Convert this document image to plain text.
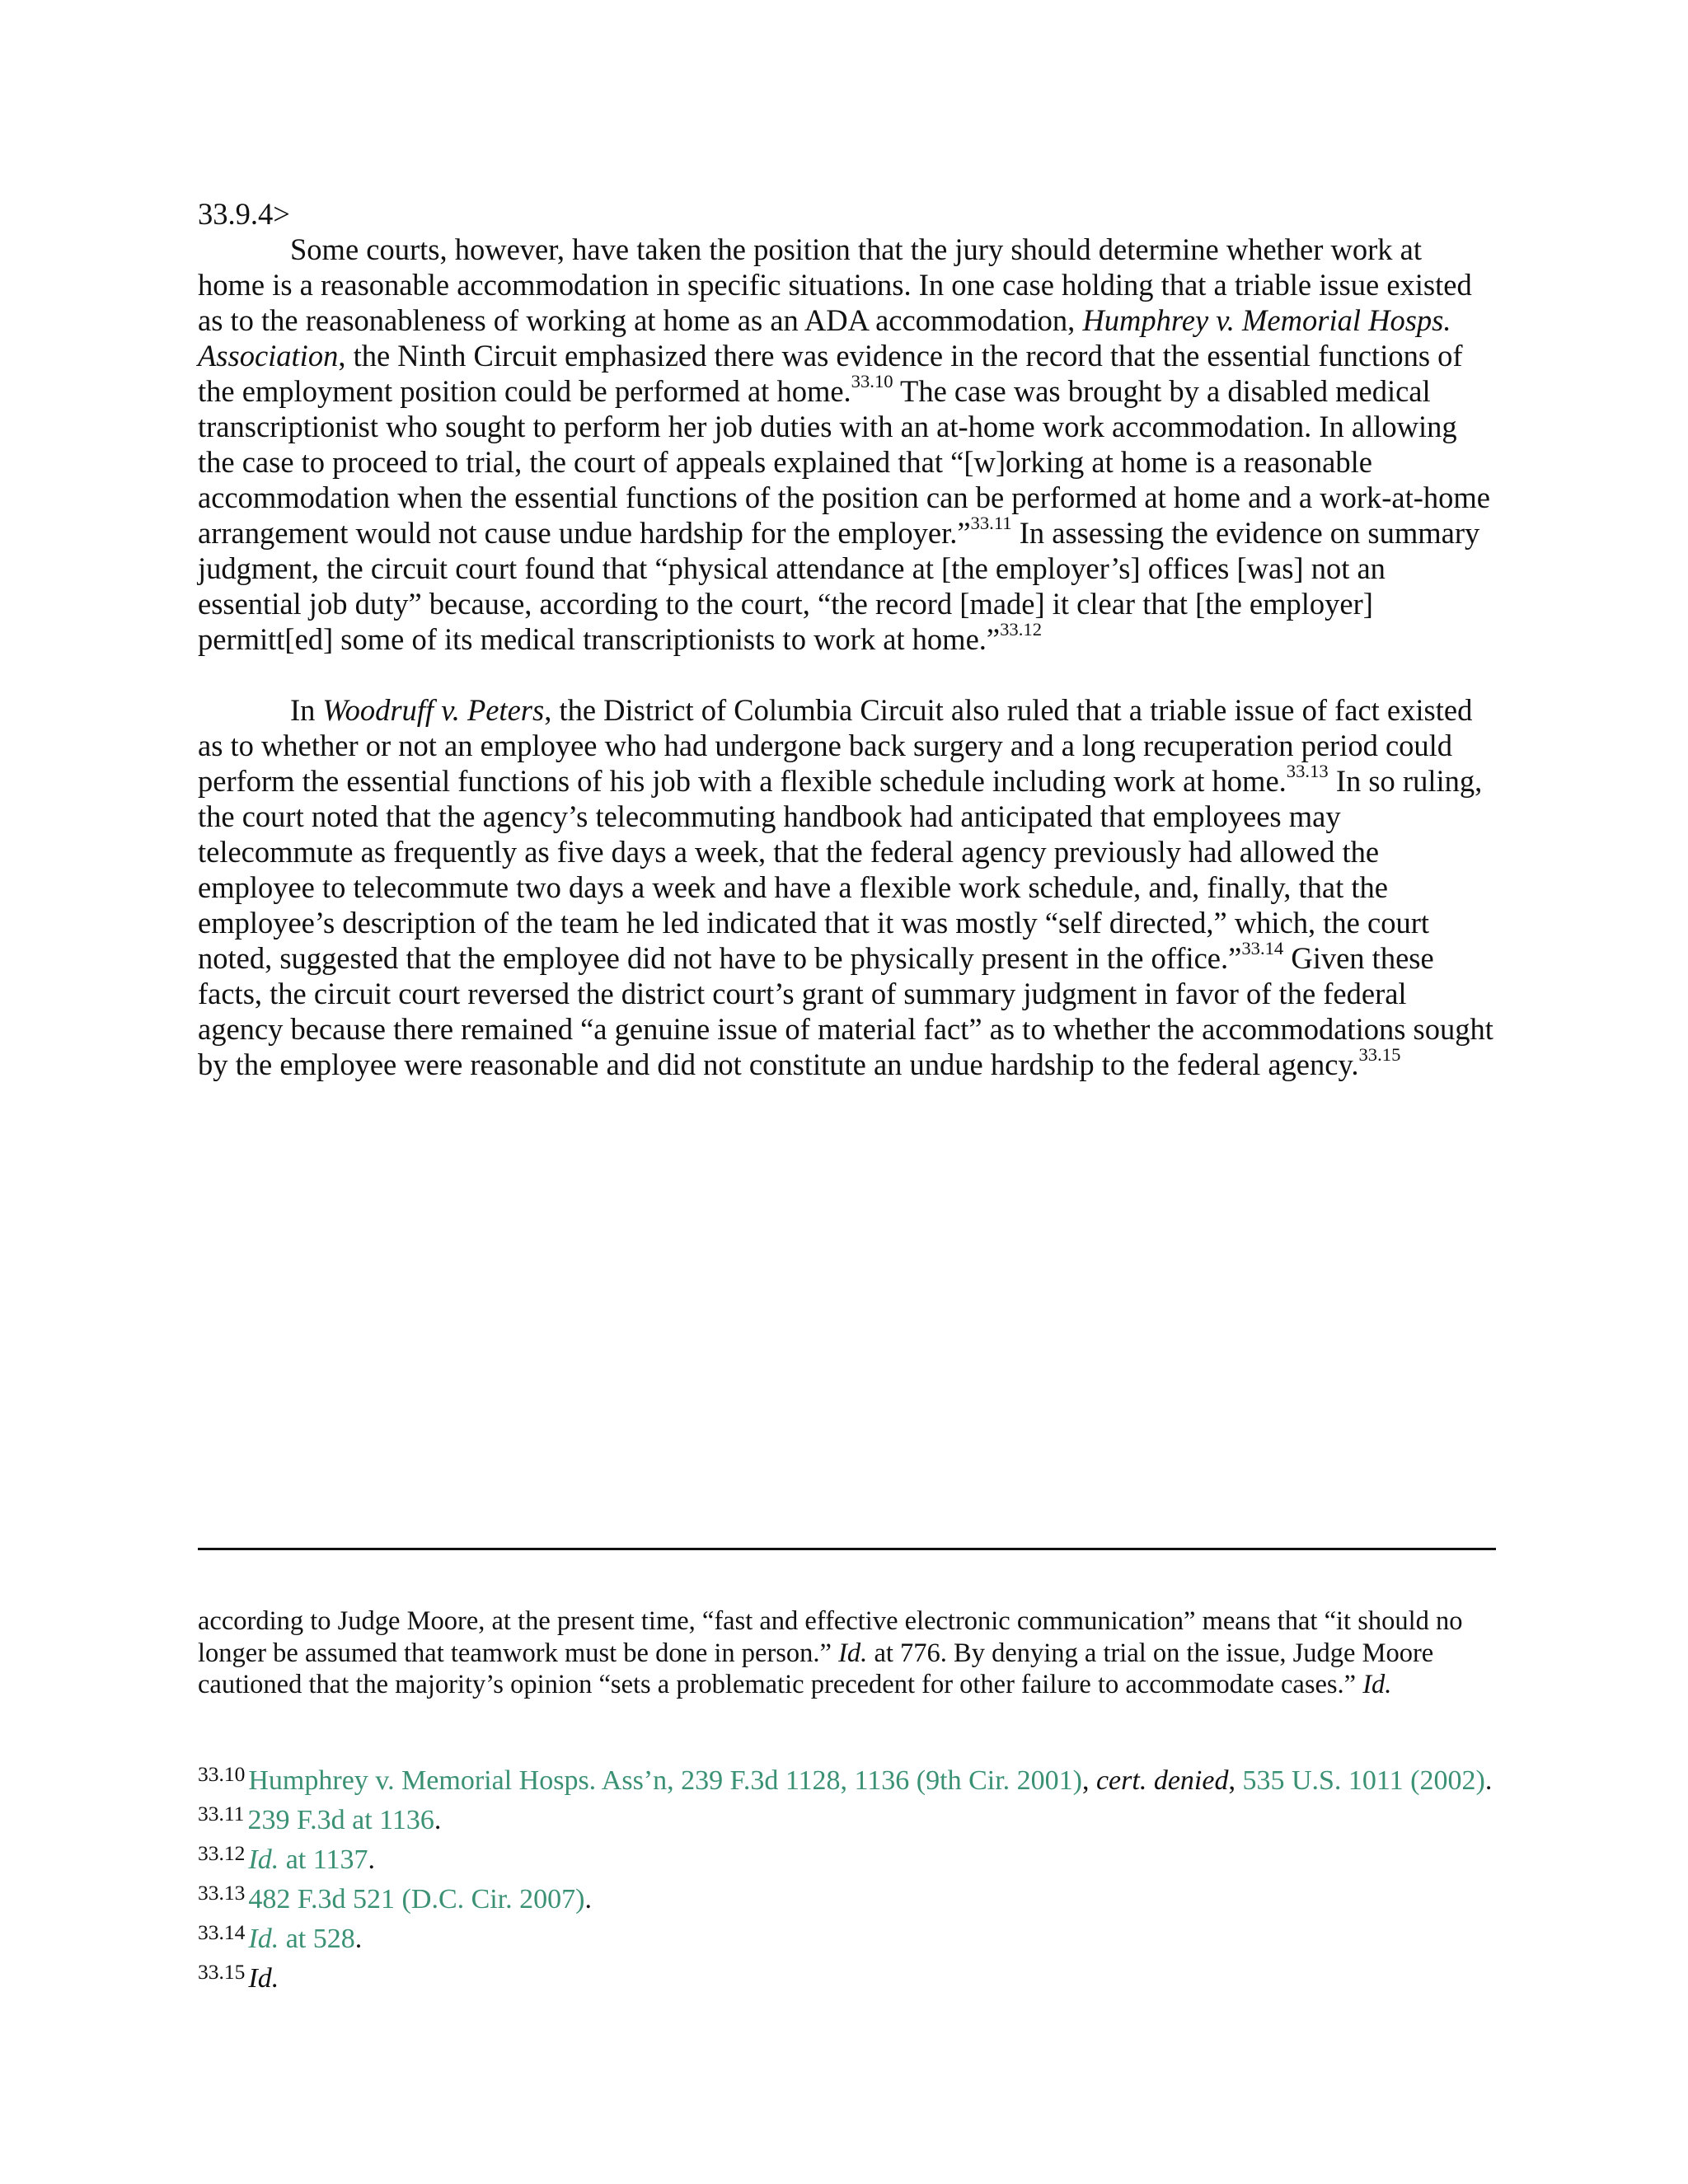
33.9.4>

Some courts, however, have taken the position that the jury should determine whether work at home is a reasonable accommodation in specific situations. In one case holding that a triable issue existed as to the reasonableness of working at home as an ADA accommodation, Humphrey v. Memorial Hosps. Association, the Ninth Circuit emphasized there was evidence in the record that the essential functions of the employment position could be performed at home.$^{33.10}$ The case was brought by a disabled medical transcriptionist who sought to perform her job duties with an at-home work accommodation. In allowing the case to proceed to trial, the court of appeals explained that “[w]orking at home is a reasonable accommodation when the essential functions of the position can be performed at home and a work-at-home arrangement would not cause undue hardship for the employer.”$^{33.11}$ In assessing the evidence on summary judgment, the circuit court found that “physical attendance at [the employer’s] offices [was] not an essential job duty” because, according to the court, “the record [made] it clear that [the employer] permitt[ed] some of its medical transcriptionists to work at home.”$^{33.12}$

In Woodruff v. Peters, the District of Columbia Circuit also ruled that a triable issue of fact existed as to whether or not an employee who had undergone back surgery and a long recuperation period could perform the essential functions of his job with a flexible schedule including work at home.$^{33.13}$ In so ruling, the court noted that the agency’s telecommuting handbook had anticipated that employees may telecommute as frequently as five days a week, that the federal agency previously had allowed the employee to telecommute two days a week and have a flexible work schedule, and, finally, that the employee’s description of the team he led indicated that it was mostly “self directed,” which, the court noted, suggested that the employee did not have to be physically present in the office.”$^{33.14}$ Given these facts, the circuit court reversed the district court’s grant of summary judgment in favor of the federal agency because there remained “a genuine issue of material fact” as to whether the accommodations sought by the employee were reasonable and did not constitute an undue hardship to the federal agency.$^{33.15}$

according to Judge Moore, at the present time, “fast and effective electronic communication” means that “it should no longer be assumed that teamwork must be done in person.” Id. at 776. By denying a trial on the issue, Judge Moore cautioned that the majority’s opinion “sets a problematic precedent for other failure to accommodate cases.” Id.

$^{33.10}$ Humphrey v. Memorial Hosps. Ass’n, 239 F.3d 1128, 1136 (9th Cir. 2001), cert. denied, 535 U.S. 1011 (2002).
$^{33.11}$ 239 F.3d at 1136.
$^{33.12}$ Id. at 1137.
$^{33.13}$ 482 F.3d 521 (D.C. Cir. 2007).
$^{33.14}$ Id. at 528.
$^{33.15}$ Id.
